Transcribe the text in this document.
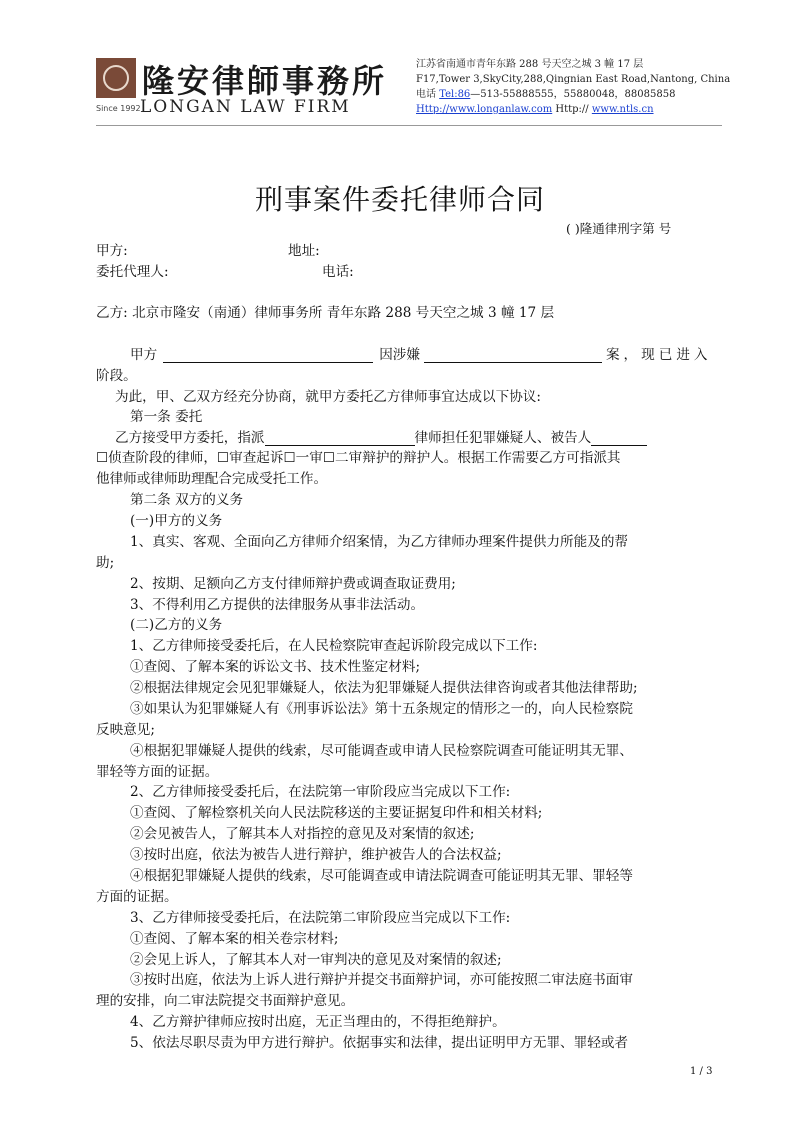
隆安律師事務所
Since 1992 LONGAN LAW FIRM
江苏省南通市青年东路 288 号天空之城 3 幢 17 层
F17,Tower 3,SkyCity,288,Qingnian East Road,Nantong, China
电话 Tel:86—513-55888555，55880048，88085858
Http://www.longanlaw.com Http:// www.ntls.cn
刑事案件委托律师合同
( )隆通律刑字第 号
甲方:	地址:
委托代理人:	电话:
乙方: 北京市隆安（南通）律师事务所 青年东路 288 号天空之城 3 幢 17 层
甲方	因涉嫌	案，现已进入
阶段。
为此，甲、乙双方经充分协商，就甲方委托乙方律师事宜达成以下协议:
第一条 委托
乙方接受甲方委托，指派	律师担任犯罪嫌疑人、被告人
☐侦查阶段的律师，☐审查起诉☐一审☐二审辩护的辩护人。根据工作需要乙方可指派其
他律师或律师助理配合完成受托工作。
第二条 双方的义务
(一)甲方的义务
1、真实、客观、全面向乙方律师介绍案情，为乙方律师办理案件提供力所能及的帮
助;
2、按期、足额向乙方支付律师辩护费或调查取证费用;
3、不得利用乙方提供的法律服务从事非法活动。
(二)乙方的义务
1、乙方律师接受委托后，在人民检察院审查起诉阶段完成以下工作:
①查阅、了解本案的诉讼文书、技术性鉴定材料;
②根据法律规定会见犯罪嫌疑人，依法为犯罪嫌疑人提供法律咨询或者其他法律帮助;
③如果认为犯罪嫌疑人有《刑事诉讼法》第十五条规定的情形之一的，向人民检察院
反映意见;
④根据犯罪嫌疑人提供的线索，尽可能调查或申请人民检察院调查可能证明其无罪、
罪轻等方面的证据。
2、乙方律师接受委托后，在法院第一审阶段应当完成以下工作:
①查阅、了解检察机关向人民法院移送的主要证据复印件和相关材料;
②会见被告人，了解其本人对指控的意见及对案情的叙述;
③按时出庭，依法为被告人进行辩护，维护被告人的合法权益;
④根据犯罪嫌疑人提供的线索，尽可能调查或申请法院调查可能证明其无罪、罪轻等
方面的证据。
3、乙方律师接受委托后，在法院第二审阶段应当完成以下工作:
①查阅、了解本案的相关卷宗材料;
②会见上诉人，了解其本人对一审判决的意见及对案情的叙述;
③按时出庭，依法为上诉人进行辩护并提交书面辩护词，亦可能按照二审法庭书面审
理的安排，向二审法院提交书面辩护意见。
4、乙方辩护律师应按时出庭，无正当理由的，不得拒绝辩护。
5、依法尽职尽责为甲方进行辩护。依据事实和法律，提出证明甲方无罪、罪轻或者
1 / 3
